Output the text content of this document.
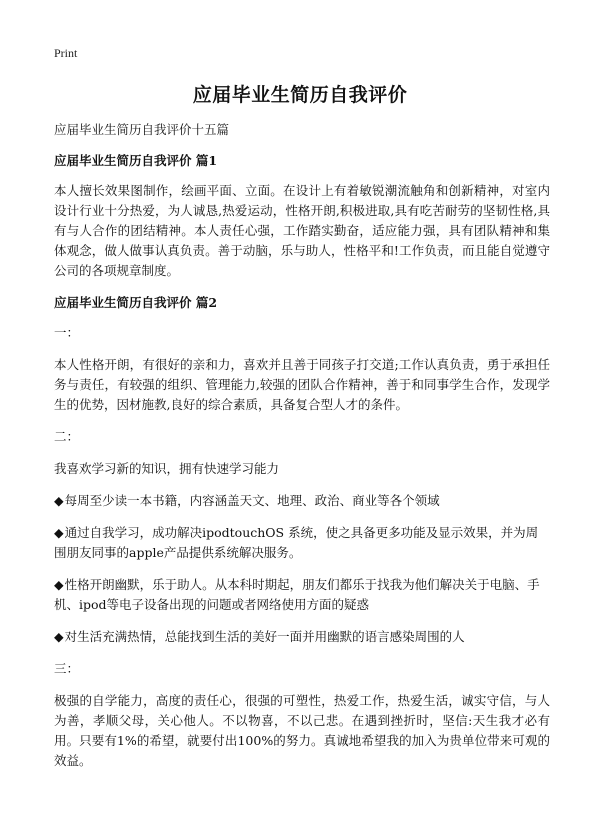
Print
应届毕业生简历自我评价

应届毕业生简历自我评价十五篇

应届毕业生简历自我评价 篇1

本人擅长效果图制作，绘画平面、立面。在设计上有着敏锐潮流触角和创新精神，对室内设计行业十分热爱，为人诚恳,热爱运动，性格开朗,积极进取,具有吃苦耐劳的坚韧性格,具有与人合作的团结精神。本人责任心强，工作踏实勤奋，适应能力强，具有团队精神和集体观念，做人做事认真负责。善于动脑，乐与助人，性格平和!工作负责，而且能自觉遵守公司的各项规章制度。

应届毕业生简历自我评价 篇2

一：

本人性格开朗，有很好的亲和力，喜欢并且善于同孩子打交道;工作认真负责，勇于承担任务与责任，有较强的组织、管理能力,较强的团队合作精神，善于和同事学生合作，发现学生的优势，因材施教,良好的综合素质，具备复合型人才的条件。

二：

我喜欢学习新的知识，拥有快速学习能力

◆每周至少读一本书籍，内容涵盖天文、地理、政治、商业等各个领域

◆通过自我学习，成功解决ipodtouchOS 系统，使之具备更多功能及显示效果，并为周围朋友同事的apple产品提供系统解决服务。

◆性格开朗幽默，乐于助人。从本科时期起，朋友们都乐于找我为他们解决关于电脑、手机、ipod等电子设备出现的问题或者网络使用方面的疑惑

◆对生活充满热情，总能找到生活的美好一面并用幽默的语言感染周围的人

三：

极强的自学能力，高度的责任心，很强的可塑性，热爱工作，热爱生活，诚实守信，与人为善，孝顺父母，关心他人。不以物喜，不以己悲。在遇到挫折时，坚信:天生我才必有用。只要有1%的希望，就要付出100%的努力。真诚地希望我的加入为贵单位带来可观的效益。
